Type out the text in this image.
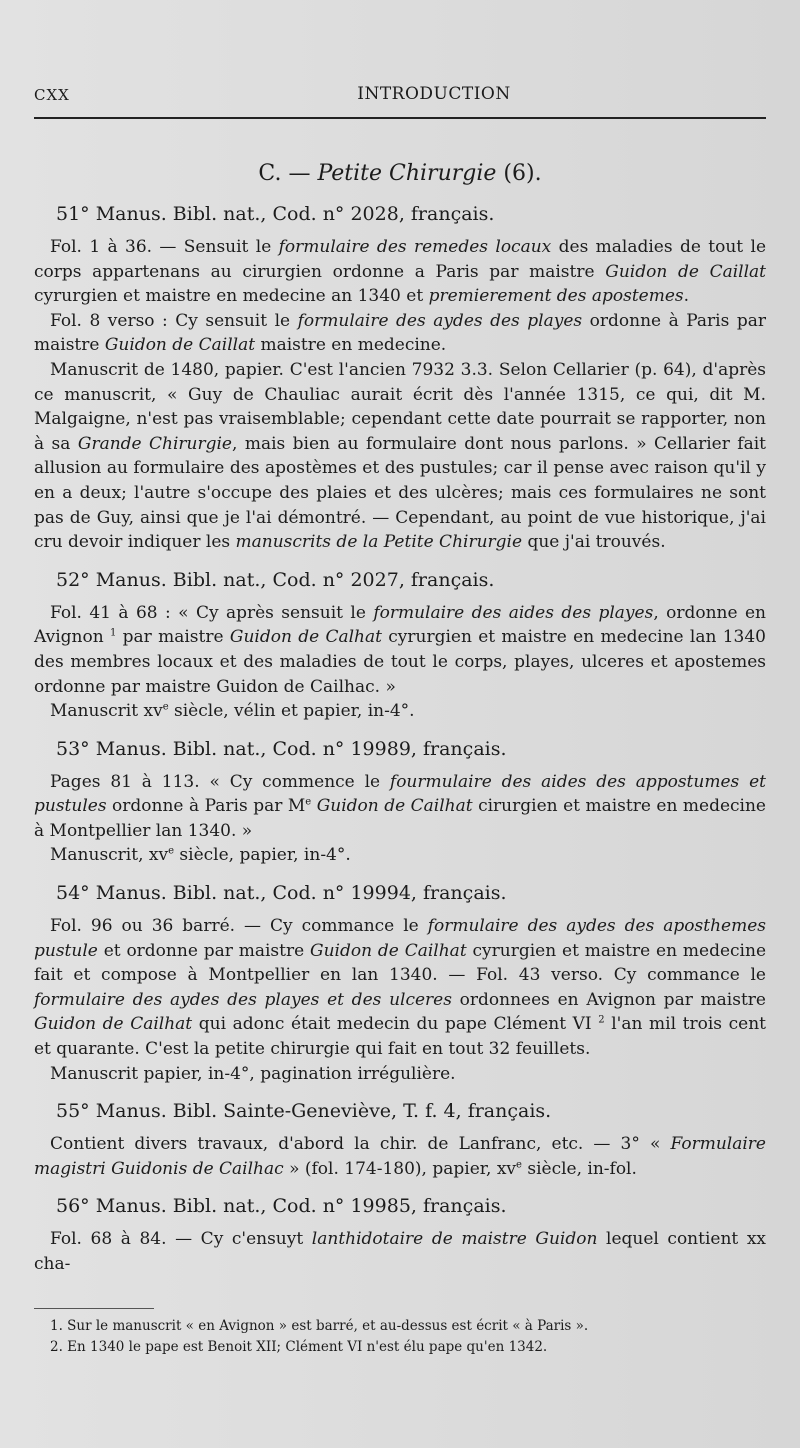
CXX	INTRODUCTION
C. — Petite Chirurgie (6).
51° Manus. Bibl. nat., Cod. n° 2028, français.

Fol. 1 à 36. — Sensuit le formulaire des remedes locaux des maladies de tout le corps appartenans au cirurgien ordonne a Paris par maistre Guidon de Caillat cyrurgien et maistre en medecine an 1340 et premierement des apostemes.

Fol. 8 verso : Cy sensuit le formulaire des aydes des playes ordonne à Paris par maistre Guidon de Caillat maistre en medecine.

Manuscrit de 1480, papier. C'est l'ancien 7932 3.3. Selon Cellarier (p. 64), d'après ce manuscrit, « Guy de Chauliac aurait écrit dès l'année 1315, ce qui, dit M. Malgaigne, n'est pas vraisemblable; cependant cette date pourrait se rapporter, non à sa Grande Chirurgie, mais bien au formulaire dont nous parlons. » Cellarier fait allusion au formulaire des apostèmes et des pustules; car il pense avec raison qu'il y en a deux; l'autre s'occupe des plaies et des ulcères; mais ces formulaires ne sont pas de Guy, ainsi que je l'ai démontré. — Cependant, au point de vue historique, j'ai cru devoir indiquer les manuscrits de la Petite Chirurgie que j'ai trouvés.

52° Manus. Bibl. nat., Cod. n° 2027, français.

Fol. 41 à 68 : « Cy après sensuit le formulaire des aides des playes, ordonne en Avignon $^1$ par maistre Guidon de Calhat cyrurgien et maistre en medecine lan 1340 des membres locaux et des maladies de tout le corps, playes, ulceres et apostemes ordonne par maistre Guidon de Cailhac. »

Manuscrit $xv^e$ siècle, vélin et papier, in-4°.

53° Manus. Bibl. nat., Cod. n° 19989, français.

Pages 81 à 113. « Cy commence le fourmulaire des aides des appostumes et pustules ordonne à Paris par Me Guidon de Cailhat cirurgien et maistre en medecine à Montpellier lan 1340. »

Manuscrit, $xv^e$ siècle, papier, in-4°.

54° Manus. Bibl. nat., Cod. n° 19994, français.

Fol. 96 ou 36 barré. — Cy commance le formulaire des aydes des aposthemes pustule et ordonne par maistre Guidon de Cailhat cyrurgien et maistre en medecine fait et compose à Montpellier en lan 1340. — Fol. 43 verso. Cy commance le formulaire des aydes des playes et des ulceres ordonnees en Avignon par maistre Guidon de Cailhat qui adonc était medecin du pape Clément VI $^2$ l'an mil trois cent et quarante. C'est la petite chirurgie qui fait en tout 32 feuillets.

Manuscrit papier, in-4°, pagination irrégulière.

55° Manus. Bibl. Sainte-Geneviève, T. f. 4, français.

Contient divers travaux, d'abord la chir. de Lanfranc, etc. — 3° « Formulaire magistri Guidonis de Cailhac » (fol. 174-180), papier, $xv^e$ siècle, in-fol.

56° Manus. Bibl. nat., Cod. n° 19985, français.

Fol. 68 à 84. — Cy c'ensuyt lanthidotaire de maistre Guidon lequel contient xx cha-

1. Sur le manuscrit « en Avignon » est barré, et au-dessus est écrit « à Paris ».
2. En 1340 le pape est Benoit XII; Clément VI n'est élu pape qu'en 1342.
